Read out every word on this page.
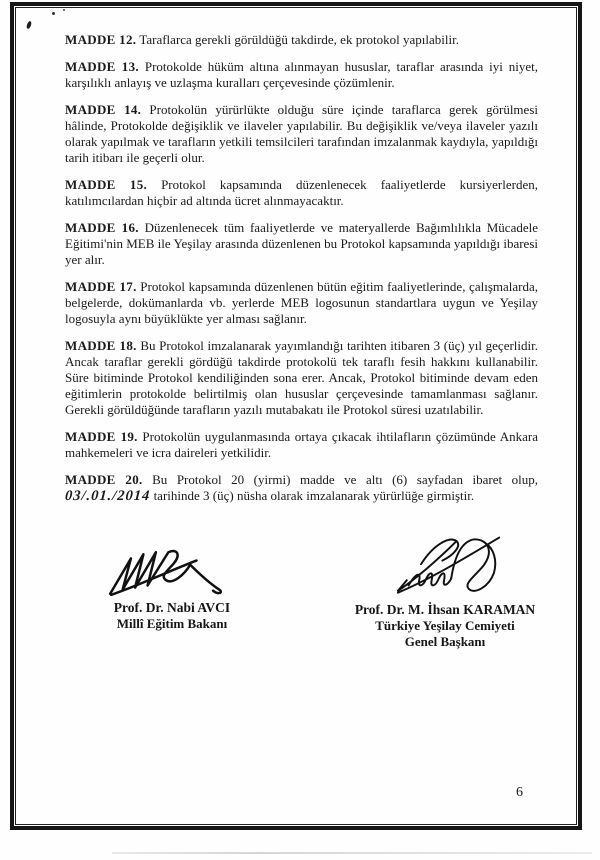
MADDE 12. Taraflarca gerekli görüldüğü takdirde, ek protokol yapılabilir.

MADDE 13. Protokolde hüküm altına alınmayan hususlar, taraflar arasında iyi niyet, karşılıklı anlayış ve uzlaşma kuralları çerçevesinde çözümlenir.

MADDE 14. Protokolün yürürlükte olduğu süre içinde taraflarca gerek görülmesi hâlinde, Protokolde değişiklik ve ilaveler yapılabilir. Bu değişiklik ve/veya ilaveler yazılı olarak yapılmak ve tarafların yetkili temsilcileri tarafından imzalanmak kaydıyla, yapıldığı tarih itibarı ile geçerli olur.

MADDE 15. Protokol kapsamında düzenlenecek faaliyetlerde kursiyerlerden, katılımcılardan hiçbir ad altında ücret alınmayacaktır.

MADDE 16. Düzenlenecek tüm faaliyetlerde ve materyallerde Bağımlılıkla Mücadele Eğitimi'nin MEB ile Yeşilay arasında düzenlenen bu Protokol kapsamında yapıldığı ibaresi yer alır.

MADDE 17. Protokol kapsamında düzenlenen bütün eğitim faaliyetlerinde, çalışmalarda, belgelerde, dokümanlarda vb. yerlerde MEB logosunun standartlara uygun ve Yeşilay logosuyla aynı büyüklükte yer alması sağlanır.

MADDE 18. Bu Protokol imzalanarak yayımlandığı tarihten itibaren 3 (üç) yıl geçerlidir. Ancak taraflar gerekli gördüğü takdirde protokolü tek taraflı fesih hakkını kullanabilir. Süre bitiminde Protokol kendiliğinden sona erer. Ancak, Protokol bitiminde devam eden eğitimlerin protokolde belirtilmiş olan hususlar çerçevesinde tamamlanması sağlanır. Gerekli görüldüğünde tarafların yazılı mutabakatı ile Protokol süresi uzatılabilir.

MADDE 19. Protokolün uygulanmasında ortaya çıkacak ihtilafların çözümünde Ankara mahkemeleri ve icra daireleri yetkilidir.

MADDE 20. Bu Protokol 20 (yirmi) madde ve altı (6) sayfadan ibaret olup, 03/.01./2014 tarihinde 3 (üç) nüsha olarak imzalanarak yürürlüğe girmiştir.

Prof. Dr. Nabi AVCI
Millî Eğitim Bakanı
Prof. Dr. M. İhsan KARAMAN
Türkiye Yeşilay Cemiyeti
Genel Başkanı
6
